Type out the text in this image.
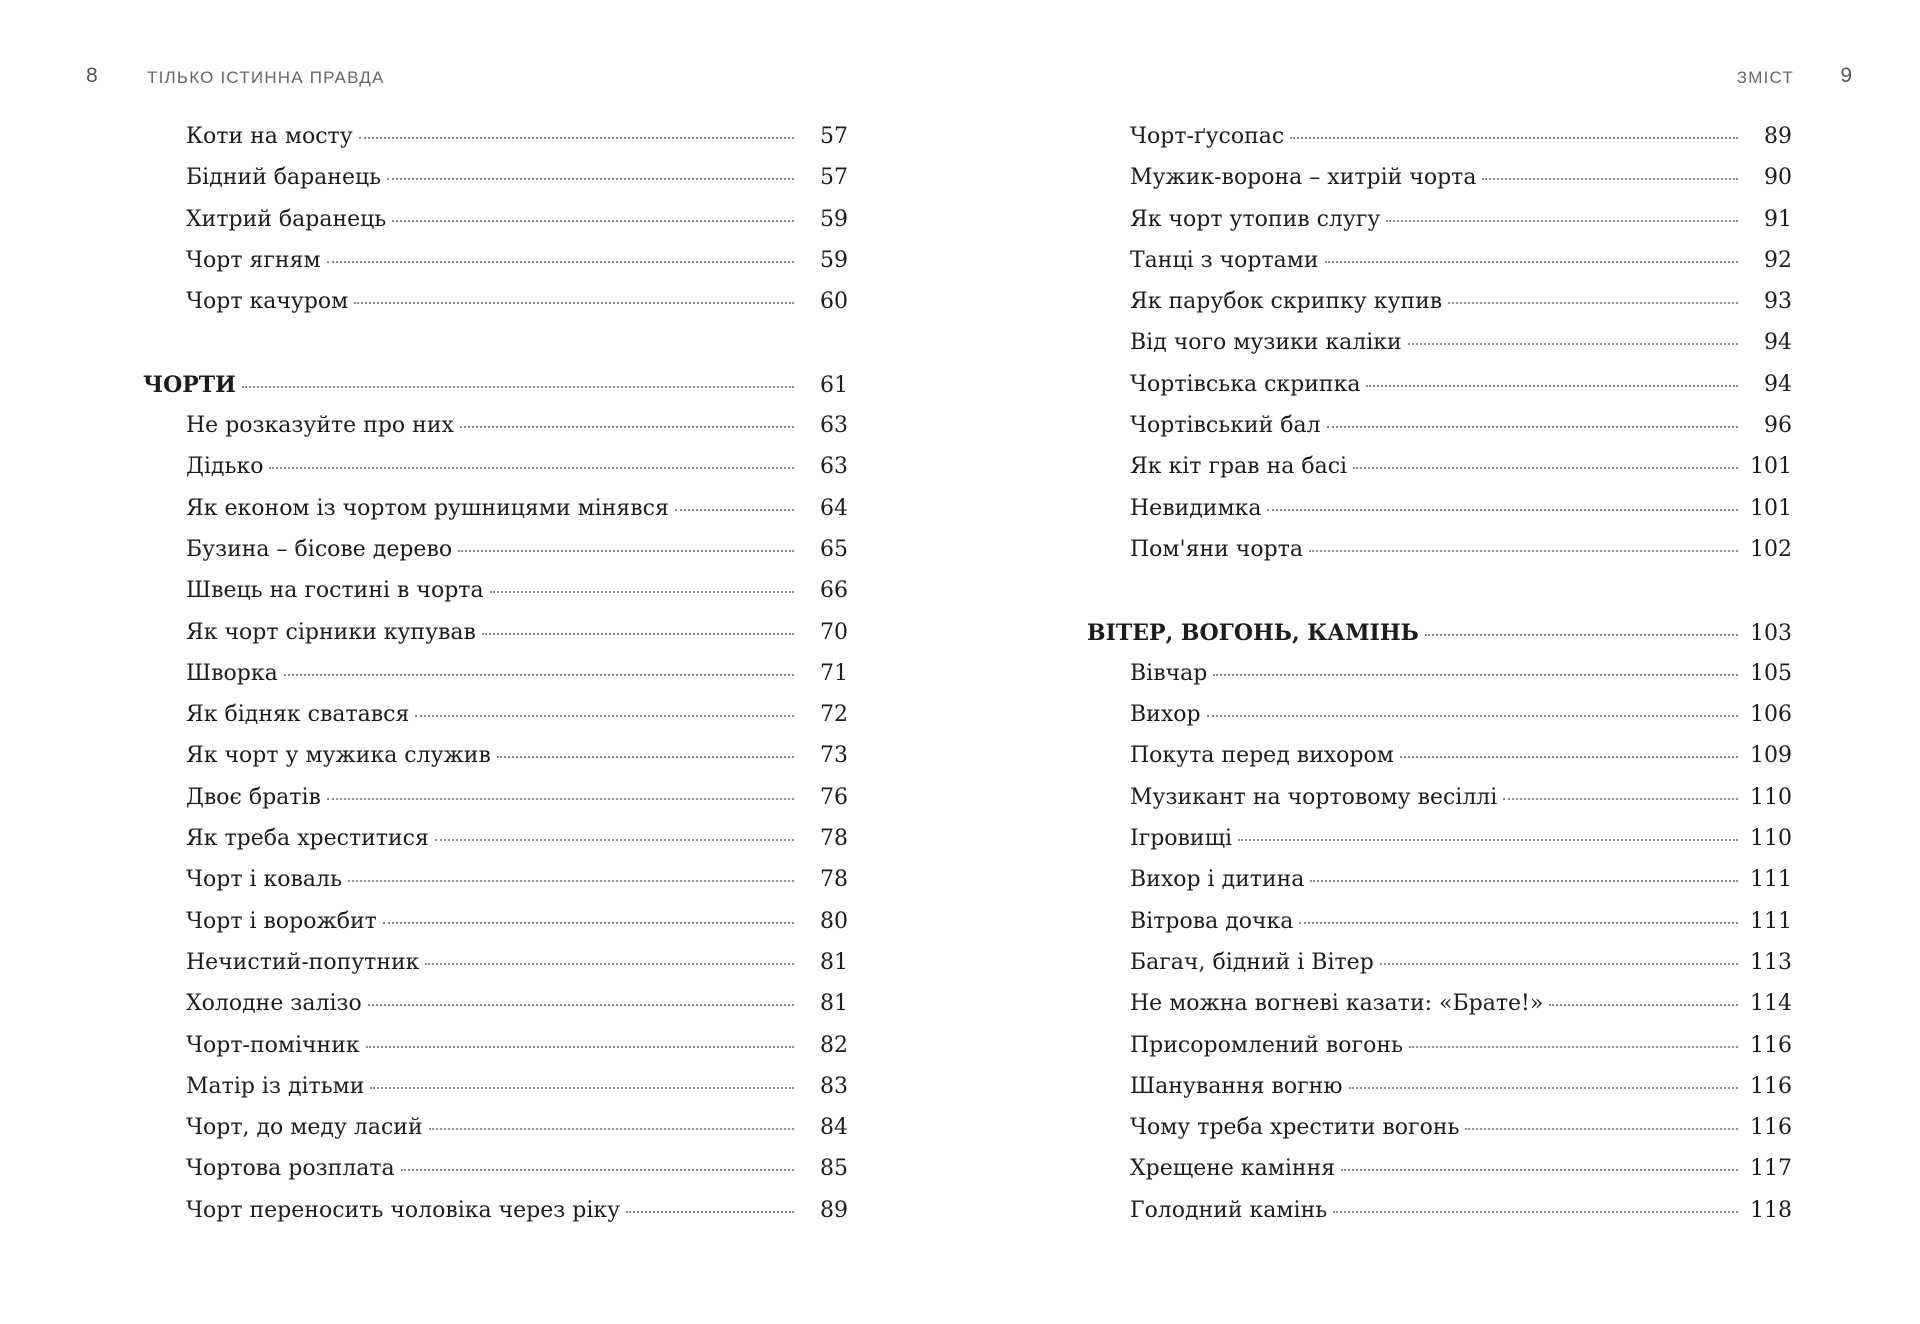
8	ТІЛЬКО ІСТИННА ПРАВДА	ЗМІСТ 9
Коти на мосту	57
Бідний баранець	57
Хитрий баранець	59
Чорт ягням	59
Чорт качуром	60
ЧОРТИ	61
Не розказуйте про них	63
Дідько	63
Як економ із чортом рушницями мінявся	64
Бузина – бісове дерево	65
Швець на гостині в чорта	66
Як чорт сірники купував	70
Шворка	71
Як бідняк сватався	72
Як чорт у мужика служив	73
Двоє братів	76
Як треба хреститися	78
Чорт і коваль	78
Чорт і ворожбит	80
Нечистий-попутник	81
Холодне залізо	81
Чорт-помічник	82
Матір із дітьми	83
Чорт, до меду ласий	84
Чортова розплата	85
Чорт переносить чоловіка через ріку	89
Чорт-ґусопас	89
Мужик-ворона – хитрій чорта	90
Як чорт утопив слугу	91
Танці з чортами	92
Як парубок скрипку купив	93
Від чого музики каліки	94
Чортівська скрипка	94
Чортівський бал	96
Як кіт грав на басі	101
Невидимка	101
Пом'яни чорта	102
ВІТЕР, ВОГОНЬ, КАМІНЬ	103
Вівчар	105
Вихор	106
Покута перед вихором	109
Музикант на чортовому весіллі	110
Ігровищі	110
Вихор і дитина	111
Вітрова дочка	111
Багач, бідний і Вітер	113
Не можна вогневі казати: «Брате!»	114
Присоромлений вогонь	116
Шанування вогню	116
Чому треба хрестити вогонь	116
Хрещене каміння	117
Голодний камінь	118
